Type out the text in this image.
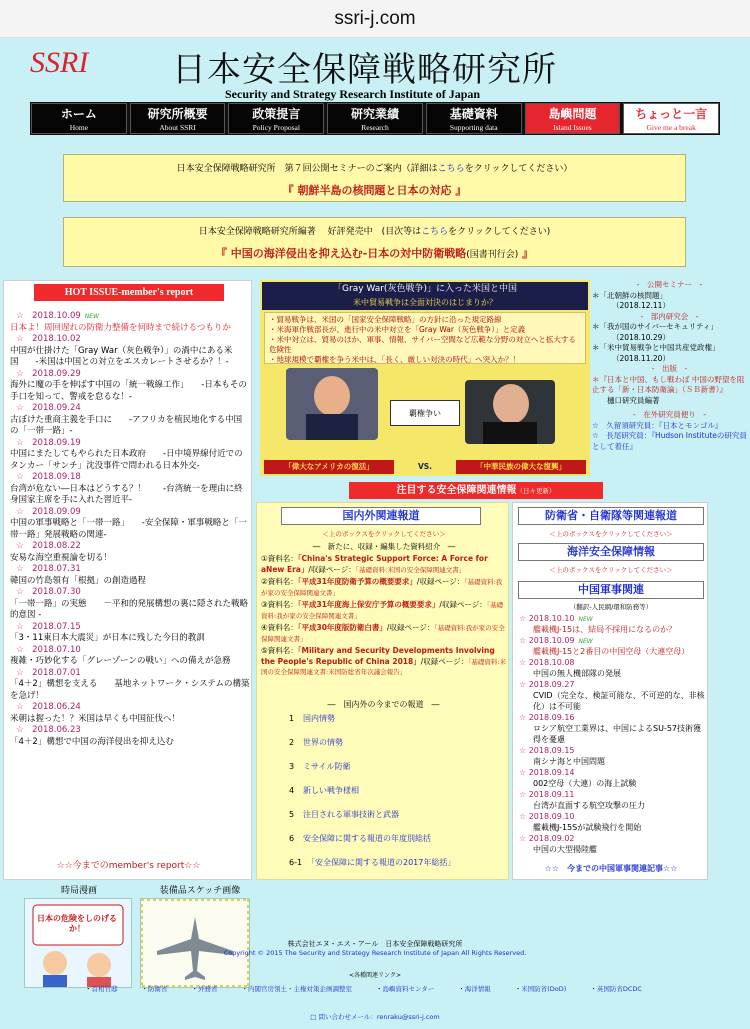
ssri-j.com
SSRI 日本安全保障戦略研究所
Security and Strategy Research Institute of Japan
ホーム
Home
研究所概要
About SSRI
政策提言
Policy Proposal
研究業績
Research
基礎資料
Supporting data
島嶼問題
Island Issues
ちょっと一言
Give me a break
日本安全保障戦略研究所　第７回公開セミナーのご案内（詳細はこちらをクリックしてください）
『 朝鮮半島の核問題と日本の対応 』
日本安全保障戦略研究所編著　 好評発売中　(目次等はこちらをクリックしてください)
『 中国の海洋侵出を抑え込む-日本の対中防衛戦略(国書刊行会) 』
HOT ISSUE-member's report
☆　2018.10.09 NEW
日本よ！周回遅れの防衛力整備を何時まで続けるつもりか
☆　2018.10.02
中国が仕掛けた「Gray War（灰色戦争）」の渦中にある米国　　-米国は中国との対立をエスカレートさせるか？！-
☆　2018.09.29
海外に魔の手を伸ばす中国の「統一戦線工作」　　-日本もその手口を知って、警戒を怠るな！-
☆　2018.09.24
古ぼけた重商主義を手口に　　-アフリカを植民地化する中国の「一帯一路」-
☆　2018.09.19
中国にまたしてもやられた日本政府　　-日中境界線付近でのタンカー「サンチ」沈没事件で問われる日本外交-
☆　2018.09.18
台湾が危ない―日本はどうする？！　　-台湾統一を理由に終身国家主席を手に入れた習近平-
☆　2018.09.09
中国の軍事戦略と「一帯一路」　　-安全保障・軍事戦略と「一帯一路」発展戦略の関連-
☆　2018.08.22
安易な海空重視論を切る！
☆　2018.07.31
韓国の竹島領有「根拠」の創造過程
☆　2018.07.30
「一帯一路」の実態　　－平和的発展構想の裏に隠された戦略的意図 -
☆　2018.07.15
「3・11東日本大震災」が日本に残した今日的教訓
☆　2018.07.10
複雑・巧妙化する「グレーゾーンの戦い」への備えが急務
☆　2018.07.01
「4＋2」構想を支える　　基地ネットワーク・システムの構築を急げ！
☆　2018.06.24
米朝は握った！？米国は早くも中国征伐へ！
☆　2018.06.23
「4＋2」構想で中国の海洋侵出を抑え込む
☆☆今までのmember's report☆☆
時局漫画
日本の危険をしのげるか！
装備品スケッチ画像
「Gray War(灰色戦争)」に入った米国と中国
米中貿易戦争は全面対決のはじまりか？
・貿易戦争は、米国の「国家安全保障戦略」の方針に沿った規定路線
・米海軍作戦部長が、進行中の米中対立を「Gray War（灰色戦争）」と定義
・米中対立は、貿易のほか、軍事、情報、サイバー空間など広範な分野の対立へと拡大する危険性
・地球規模で覇権を争う米中は、「長く、厳しい対決の時代」へ突入か？！
覇権争い
「偉大なアメリカの復活」	VS.	「中華民族の偉大な復興」
-　公開セミナー　-
＊「北朝鮮の核問題」
（2018.12.11）
-　部内研究会　-
＊「我が国のサイバーセキュリティ」
（2018.10.29）
＊「米中貿易戦争と中国共産党政権」
（2018.11.20）
-　出版　-
＊『日本と中国、もし戦わば 中国の野望を阻止する「新・日本防衛論」（ＳＢ新書）』
　　樋口研究員編著
-　在外研究員便り　-
☆　久留須研究員：『日本とモンゴル』
☆　長尾研究員：『Hudson Instituteの研究員として着任』
注目する安全保障関連情報（日々更新）
国内外関連報道
＜上のボックスをクリックしてください＞
―　新たに、収録・編集した資料紹介　―
①資料名：「China's Strategic Support Force: A Force for aNew Era」/収録ページ：「基礎資料:米国の安全保障関連文書」
②資料名：「平成31年度防衛予算の概要要求」/収録ページ：「基礎資料:我が家の安全保障関連文書」
③資料名：「平成31年度海上保安庁予算の概要要求」/収録ページ：「基礎資料:我が家の安全保障関連文書」
④資料名：「平成30年度版防衛白書」/収録ページ：「基礎資料:我が家の安全保障関連文書」
⑤資料名：「Military and Security Developments Involving the People's Republic of China 2018」/収録ページ：「基礎資料:米国の安全保障関連文書:米国防総省年次議会報告」
―　国内外の今までの報道　―
1 国内情勢
2 世界の情勢
3 ミサイル防衛
4 新しい戦争様相
5 注目される軍事技術と武器
6 安全保障に関する報道の年度別総括
6-1 「安全保障に関する報道の2017年総括」
防衛省・自衛隊等関連報道
＜上のボックスをクリックしてください＞
海洋安全保障情報
＜上のボックスをクリックしてください＞
中国軍事関連
（翻訳-人民網/環和防務等）
☆ 2018.10.10 NEW
艦載機J-15は、結局不採用になるのか？
☆ 2018.10.09 NEW
艦載機J-15と2番目の中国空母（大連空母）
☆ 2018.10.08
中国の無人機部隊の発展
☆ 2018.09.27
CVID（完全な、検証可能な、不可逆的な、非核化）は不可能
☆ 2018.09.16
ロシア航空工業界は、中国によるSU-57技術獲得を憂慮
☆ 2018.09.15
南シナ海と中国問題
☆ 2018.09.14
002空母（大連）の海上試験
☆ 2018.09.11
台湾が直面する航空攻撃の圧力
☆ 2018.09.10
艦載機J-15Sが試験飛行を開始
☆ 2018.09.02
中国の大型揚陸艦
☆☆　今までの中国軍事関連記事☆☆
株式会社エヌ・エス・アール　日本安全保障戦略研究所
Copyright © 2015 The Security and Strategy Research Institute of Japan All Rights Reserved.
<各種関連リンク>
・首相官邸	・防衛省	・外務省	・内閣官房領土・主権対策企画調整室	・島嶼資料センター	・海洋情報	・米国防省(DoD)	・英国防省DCDC
□ 問い合わせメール：renraku@ssri-j.com
